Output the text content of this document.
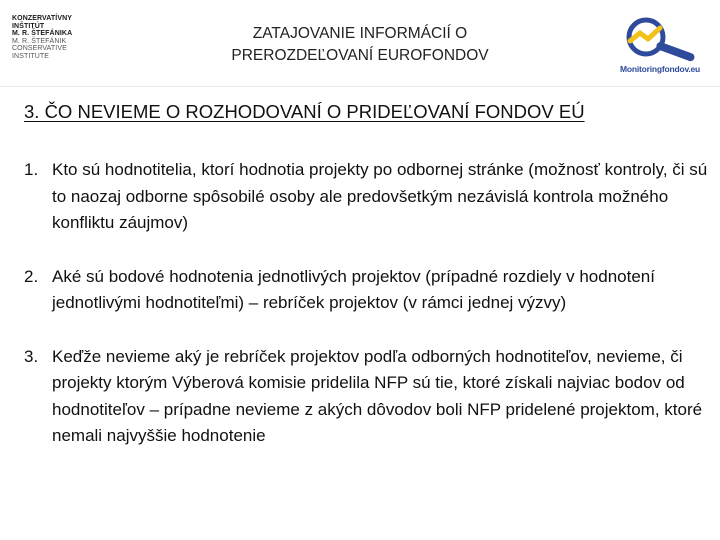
KONZERVATÍVNY
INŠTITÚT
M. R. ŠTEFÁNIKA
M. R. ŠTEFÁNIK
CONSERVATIVE
INSTITUTE
ZATAJOVANIE INFORMÁCIÍ O
PREROZDEĽOVANÍ EUROFONDOV
Monitoringfondov.eu
3. ČO NEVIEME O ROZHODOVANÍ O PRIDEĽOVANÍ FONDOV EÚ
1. Kto sú hodnotitelia, ktorí hodnotia projekty po odbornej stránke (možnosť kontroly, či sú to naozaj odborne spôsobilé osoby ale predovšetkým nezávislá kontrola možného konfliktu záujmov)
2. Aké sú bodové hodnotenia jednotlivých projektov (prípadné rozdiely v hodnotení jednotlivými hodnotiteľmi) – rebríček projektov (v rámci jednej výzvy)
3. Keďže nevieme aký je rebríček projektov podľa odborných hodnotiteľov, nevieme, či projekty ktorým Výberová komisie pridelila NFP sú tie, ktoré získali najviac bodov od hodnotiteľov – prípadne nevieme z akých dôvodov boli NFP pridelené projektom, ktoré nemali najvyššie hodnotenie
